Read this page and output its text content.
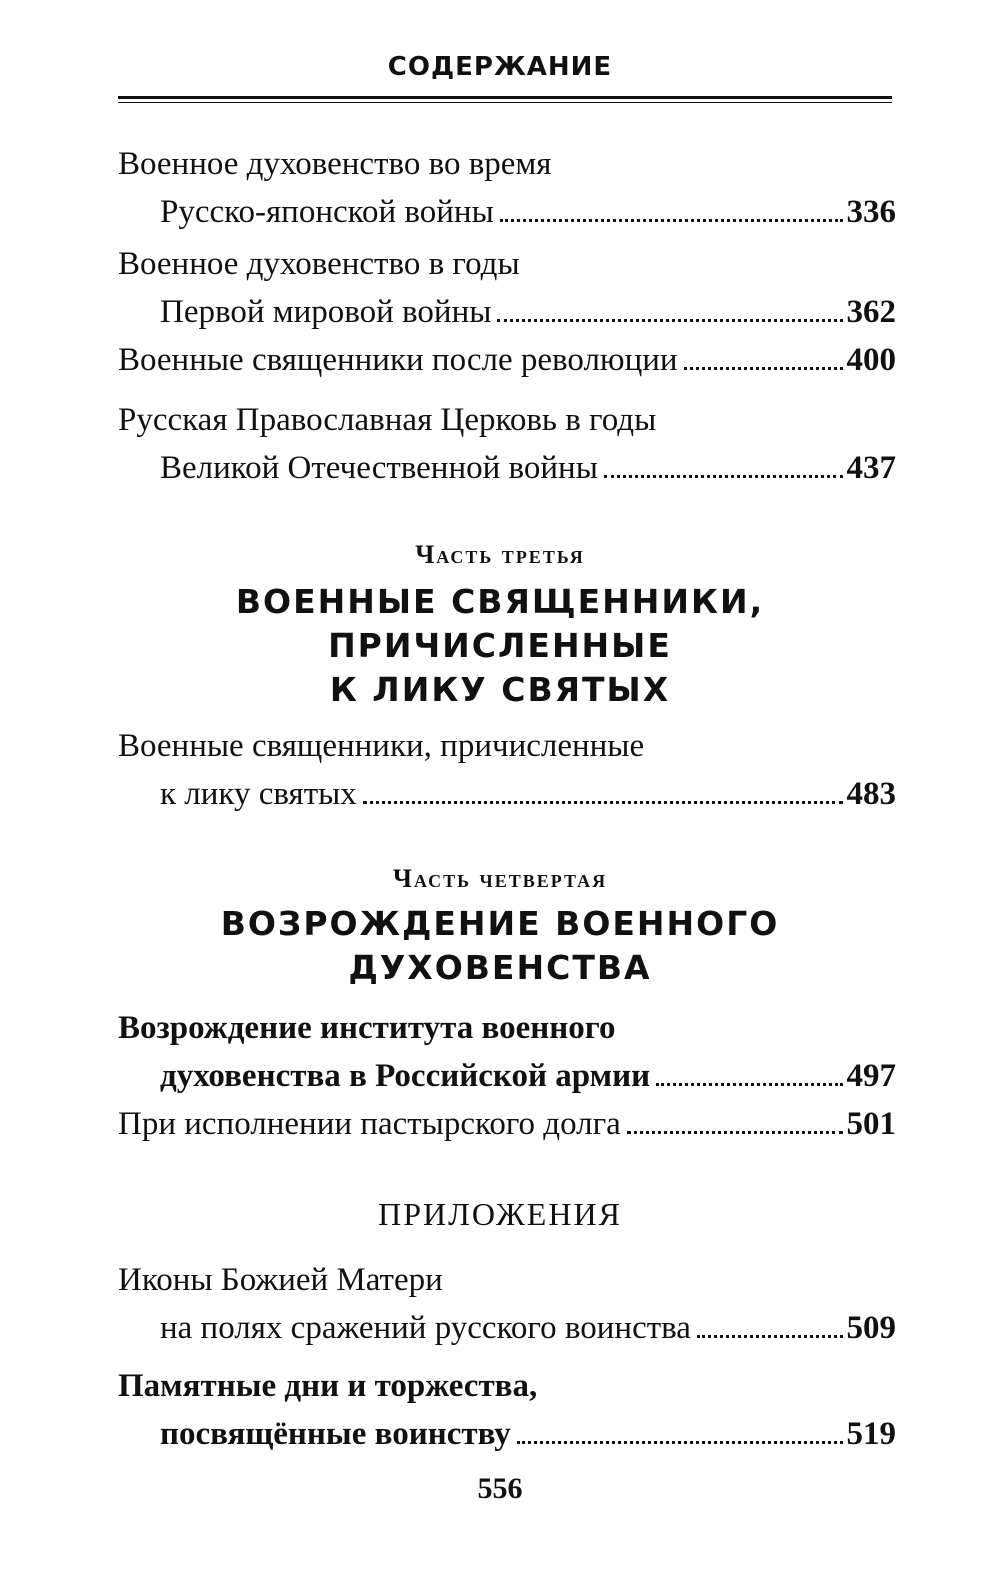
СОДЕРЖАНИЕ
Военное духовенство во время
Русско-японской войны	336
Военное духовенство в годы
Первой мировой войны	362
Военные священники после революции	400
Русская Православная Церковь в годы
Великой Отечественной войны	437
Часть третья
ВОЕННЫЕ СВЯЩЕННИКИ,
ПРИЧИСЛЕННЫЕ
К ЛИКУ СВЯТЫХ
Военные священники, причисленные
к лику святых	483
Часть четвертая
ВОЗРОЖДЕНИЕ ВОЕННОГО
ДУХОВЕНСТВА
Возрождение института военного
духовенства в Российской армии	497
При исполнении пастырского долга	501
ПРИЛОЖЕНИЯ
Иконы Божией Матери
на полях сражений русского воинства	509
Памятные дни и торжества,
посвящённые воинству	519
556
